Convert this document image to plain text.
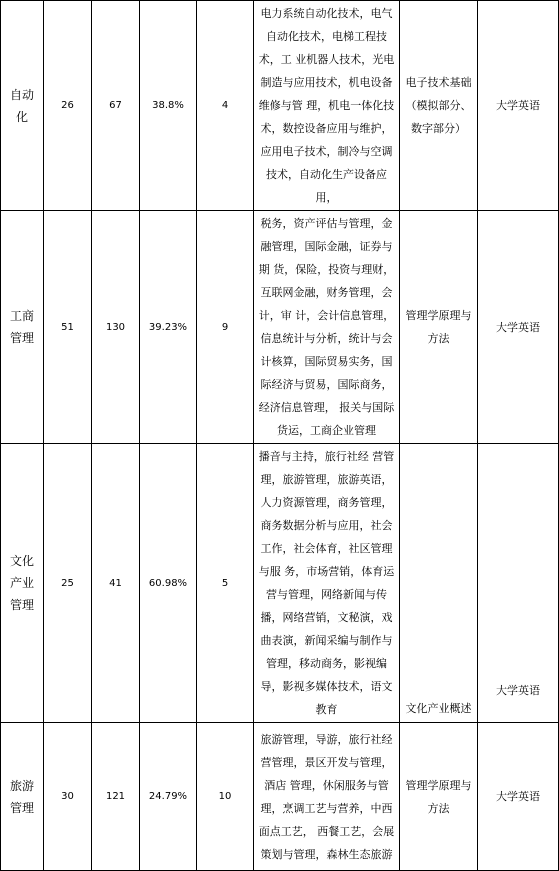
自动化	26	67	38.8%	4	电力系统自动化技术，电气自动化技术，电梯工程技术，工 业机器人技术，光电制造与应用技术，机电设备维修与管 理，机电一体化技术，数控设备应用与维护，应用电子技术，制冷与空调技术，自动化生产设备应用，	电子技术基础（模拟部分、数字部分）	大学英语
工商管理	51	130	39.23%	9	税务，资产评估与管理，金融管理，国际金融，证券与期 货，保险，投资与理财，互联网金融，财务管理，会计，审 计，会计信息管理，信息统计与分析，统计与会计核算，国际贸易实务，国际经济与贸易，国际商务，经济信息管理， 报关与国际货运，工商企业管理	管理学原理与方法	大学英语
文化产业管理	25	41	60.98%	5	播音与主持，旅行社经 营管理，旅游管理，旅游英语，人力资源管理，商务管理，商务数据分析与应用，社会工作，社会体育，社区管理与服 务，市场营销，体育运营与管理，网络新闻与传播，网络营销，文秘演，戏曲表演，新闻采编与制作与管理，移动商务，影视编导，影视多媒体技术，语文教育	文化产业概述	大学英语
旅游管理	30	121	24.79%	10	旅游管理，导游，旅行社经营管理，景区开发与管理，酒店 管理，休闲服务与管理，烹调工艺与营养，中西面点工艺， 西餐工艺，会展策划与管理，森林生态旅游	管理学原理与方法	大学英语
